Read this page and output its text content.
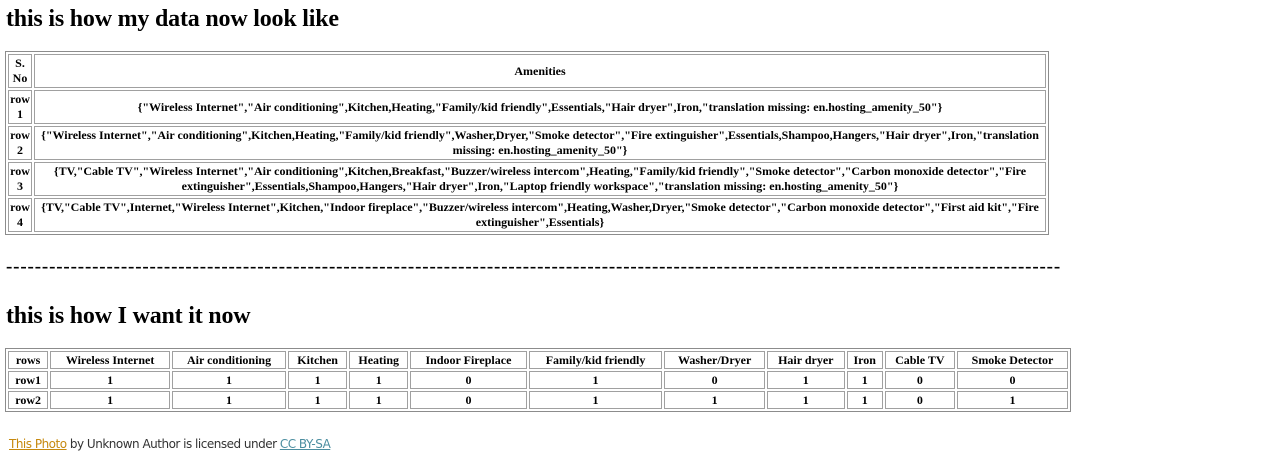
this is how my data now look like
S. No	Amenities
row 1	{"Wireless Internet","Air conditioning",Kitchen,Heating,"Family/kid friendly",Essentials,"Hair dryer",Iron,"translation missing: en.hosting_amenity_50"}
row 2	{"Wireless Internet","Air conditioning",Kitchen,Heating,"Family/kid friendly",Washer,Dryer,"Smoke detector","Fire extinguisher",Essentials,Shampoo,Hangers,"Hair dryer",Iron,"translation missing: en.hosting_amenity_50"}
row 3	{TV,"Cable TV","Wireless Internet","Air conditioning",Kitchen,Breakfast,"Buzzer/wireless intercom",Heating,"Family/kid friendly","Smoke detector","Carbon monoxide detector","Fire extinguisher",Essentials,Shampoo,Hangers,"Hair dryer",Iron,"Laptop friendly workspace","translation missing: en.hosting_amenity_50"}
row 4	{TV,"Cable TV",Internet,"Wireless Internet",Kitchen,"Indoor fireplace","Buzzer/wireless intercom",Heating,Washer,Dryer,"Smoke detector","Carbon monoxide detector","First aid kit","Fire extinguisher",Essentials}
---------------------------------------------------------------------------------------------------------------------------------------------------
this is how I want it now
rows	Wireless Internet	Air conditioning	Kitchen	Heating	Indoor Fireplace	Family/kid friendly	Washer/Dryer	Hair dryer	Iron	Cable TV	Smoke Detector
row1	1	1	1	1	0	1	0	1	1	0	0
row2	1	1	1	1	0	1	1	1	1	0	1
This Photo by Unknown Author is licensed under CC BY-SA
